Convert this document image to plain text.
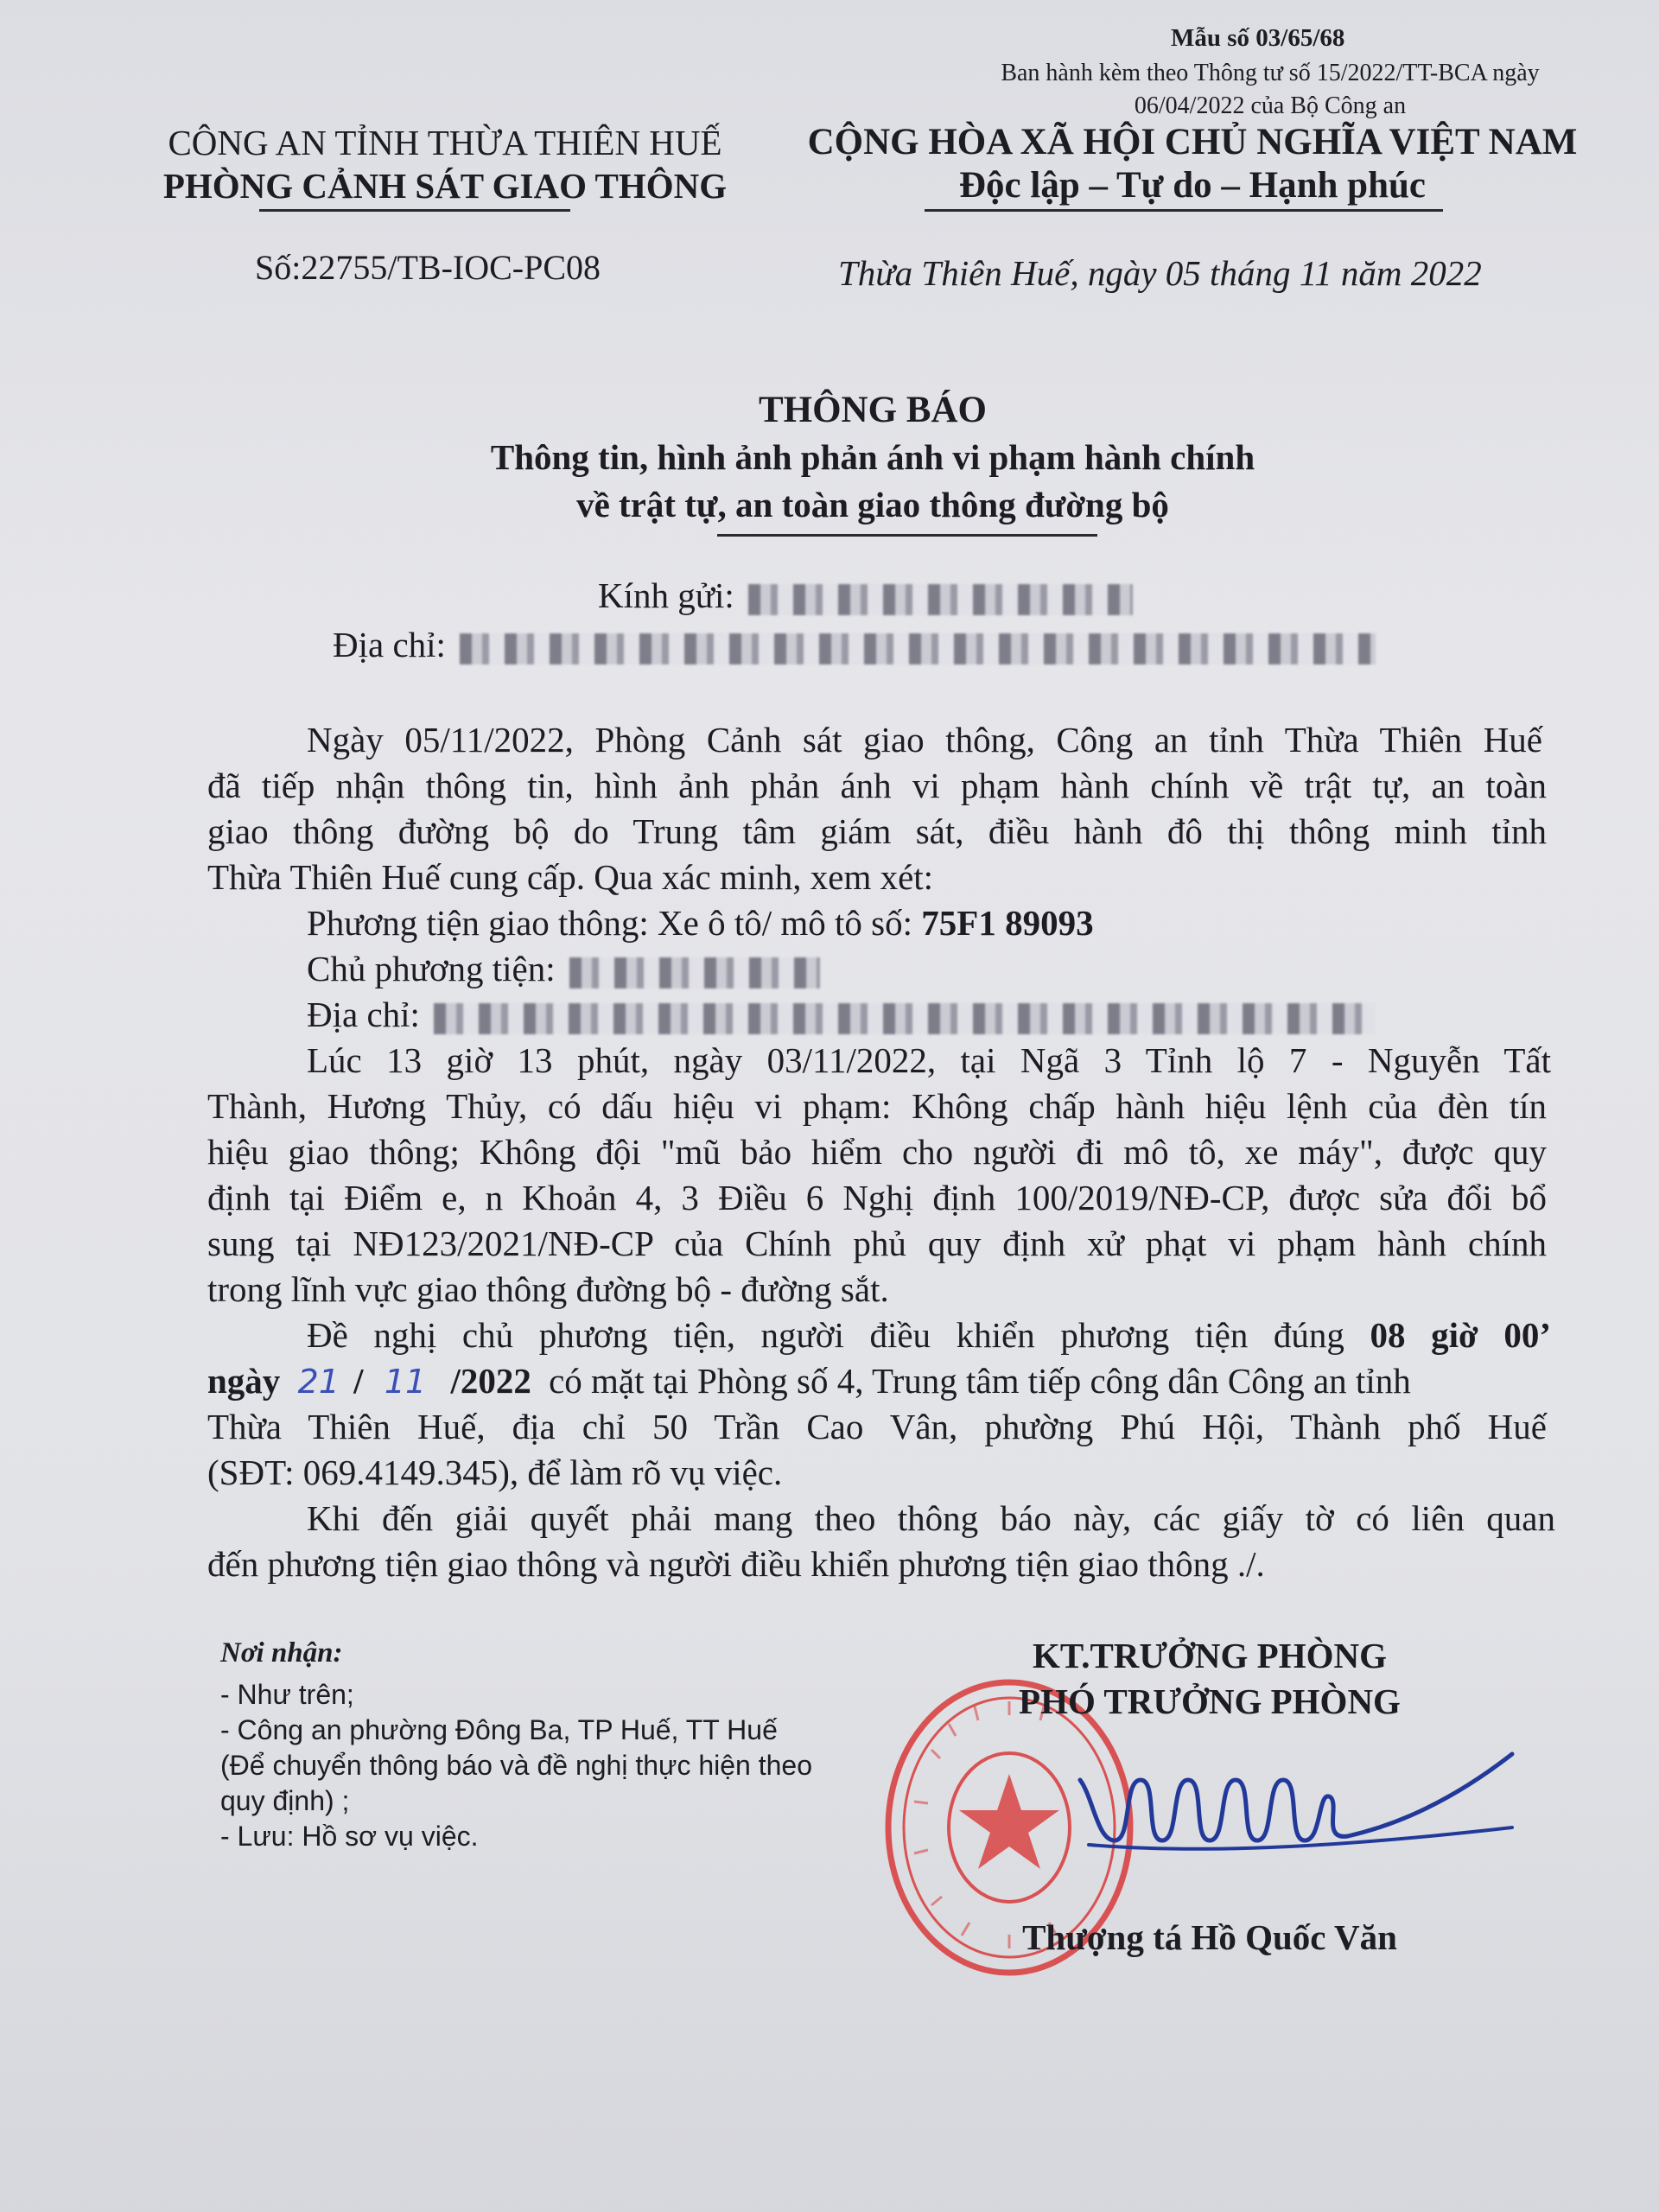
Mẫu số 03/65/68
Ban hành kèm theo Thông tư số 15/2022/TT-BCA ngày 06/04/2022 của Bộ Công an
CÔNG AN TỈNH THỪA THIÊN HUẾ
PHÒNG CẢNH SÁT GIAO THÔNG
CỘNG HÒA XÃ HỘI CHỦ NGHĨA VIỆT NAM
Độc lập – Tự do – Hạnh phúc
Số:22755/TB-IOC-PC08	Thừa Thiên Huế, ngày 05 tháng 11 năm 2022
THÔNG BÁO
Thông tin, hình ảnh phản ánh vi phạm hành chính
về trật tự, an toàn giao thông đường bộ
Kính gửi:
Địa chỉ:
Ngày 05/11/2022, Phòng Cảnh sát giao thông, Công an tỉnh Thừa Thiên Huế
đã tiếp nhận thông tin, hình ảnh phản ánh vi phạm hành chính về trật tự, an toàn
giao thông đường bộ do Trung tâm giám sát, điều hành đô thị thông minh tỉnh
Thừa Thiên Huế cung cấp. Qua xác minh, xem xét:
Phương tiện giao thông: Xe ô tô/ mô tô số: 75F1 89093
Chủ phương tiện:
Địa chỉ:
Lúc 13 giờ 13 phút, ngày 03/11/2022, tại Ngã 3 Tỉnh lộ 7 - Nguyễn Tất
Thành, Hương Thủy, có dấu hiệu vi phạm: Không chấp hành hiệu lệnh của đèn tín
hiệu giao thông; Không đội "mũ bảo hiểm cho người đi mô tô, xe máy", được quy
định tại Điểm e, n Khoản 4, 3 Điều 6 Nghị định 100/2019/NĐ-CP, được sửa đổi bổ
sung tại NĐ123/2021/NĐ-CP của Chính phủ quy định xử phạt vi phạm hành chính
trong lĩnh vực giao thông đường bộ - đường sắt.
Đề nghị chủ phương tiện, người điều khiển phương tiện đúng 08 giờ 00’
ngày 21 / 11 /2022 có mặt tại Phòng số 4, Trung tâm tiếp công dân Công an tỉnh
Thừa Thiên Huế, địa chỉ 50 Trần Cao Vân, phường Phú Hội, Thành phố Huế
(SĐT: 069.4149.345), để làm rõ vụ việc.
Khi đến giải quyết phải mang theo thông báo này, các giấy tờ có liên quan
đến phương tiện giao thông và người điều khiển phương tiện giao thông ./.
Nơi nhận:
- Như trên;
- Công an phường Đông Ba, TP Huế, TT Huế
(Để chuyển thông báo và đề nghị thực hiện theo
quy định) ;
- Lưu: Hồ sơ vụ việc.
KT.TRƯỞNG PHÒNG
PHÓ TRƯỞNG PHÒNG
Thượng tá Hồ Quốc Văn
